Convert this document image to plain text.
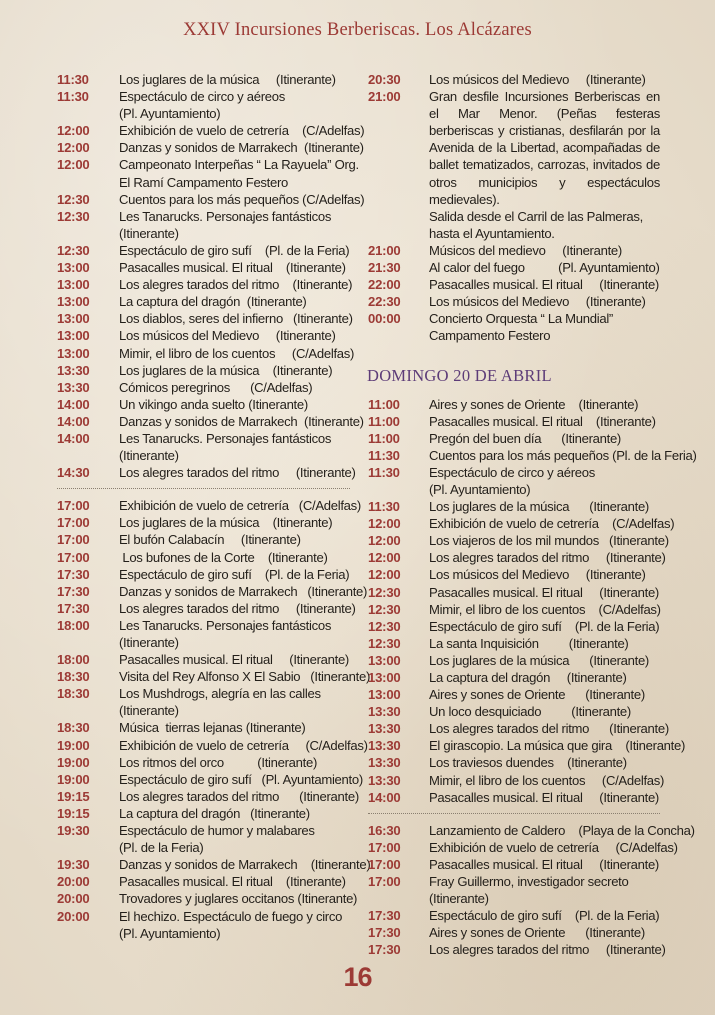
XXIV Incursiones Berberiscas. Los Alcázares
11:30	Los juglares de la música     (Itinerante)
11:30	Espectáculo de circo y aéreos
(Pl. Ayuntamiento)
12:00	Exhibición de vuelo de cetrería    (C/Adelfas)
12:00	Danzas y sonidos de Marrakech  (Itinerante)
12:00	Campeonato Interpeñas “ La Rayuela” Org.
El Ramí Campamento Festero
12:30	Cuentos para los más pequeños (C/Adelfas)
12:30	Les Tanarucks. Personajes fantásticos
(Itinerante)
12:30	Espectáculo de giro sufí    (Pl. de la Feria)
13:00	Pasacalles musical. El ritual    (Itinerante)
13:00	Los alegres tarados del ritmo    (Itinerante)
13:00	La captura del dragón  (Itinerante)
13:00	Los diablos, seres del infierno   (Itinerante)
13:00	Los músicos del Medievo     (Itinerante)
13:00	Mimir, el libro de los cuentos     (C/Adelfas)
13:30	Los juglares de la música    (Itinerante)
13:30	Cómicos peregrinos      (C/Adelfas)
14:00	Un vikingo anda suelto (Itinerante)
14:00	Danzas y sonidos de Marrakech  (Itinerante)
14:00	Les Tanarucks. Personajes fantásticos
(Itinerante)
14:30	Los alegres tarados del ritmo     (Itinerante)
17:00	Exhibición de vuelo de cetrería   (C/Adelfas)
17:00	Los juglares de la música    (Itinerante)
17:00	El bufón Calabacín     (Itinerante)
17:00	Los bufones de la Corte    (Itinerante)
17:30	Espectáculo de giro sufí    (Pl. de la Feria)
17:30	Danzas y sonidos de Marrakech   (Itinerante)
17:30	Los alegres tarados del ritmo     (Itinerante)
18:00	Les Tanarucks. Personajes fantásticos
(Itinerante)
18:00	Pasacalles musical. El ritual     (Itinerante)
18:30	Visita del Rey Alfonso X El Sabio   (Itinerante)
18:30	Los Mushdrogs, alegría en las calles
(Itinerante)
18:30	Música  tierras lejanas (Itinerante)
19:00	Exhibición de vuelo de cetrería     (C/Adelfas)
19:00	Los ritmos del orco          (Itinerante)
19:00	Espectáculo de giro sufí   (Pl. Ayuntamiento)
19:15	Los alegres tarados del ritmo      (Itinerante)
19:15	La captura del dragón   (Itinerante)
19:30	Espectáculo de humor y malabares
(Pl. de la Feria)
19:30	Danzas y sonidos de Marrakech    (Itinerante)
20:00	Pasacalles musical. El ritual    (Itinerante)
20:00	Trovadores y juglares occitanos (Itinerante)
20:00	El hechizo. Espectáculo de fuego y circo
(Pl. Ayuntamiento)
20:30	Los músicos del Medievo     (Itinerante)
21:00	Gran desfile Incursiones Berberiscas en el Mar Menor. (Peñas festeras berberiscas y cristianas, desfilarán por la Avenida de la Libertad, acompañadas de ballet tematizados, carrozas, invitados de otros municipios y espectáculos medievales).
Salida desde el Carril de las Palmeras, hasta el Ayuntamiento.
21:00	Músicos del medievo     (Itinerante)
21:30	Al calor del fuego          (Pl. Ayuntamiento)
22:00	Pasacalles musical. El ritual     (Itinerante)
22:30	Los músicos del Medievo     (Itinerante)
00:00	Concierto Orquesta “ La Mundial”
Campamento Festero
DOMINGO 20 DE ABRIL
11:00	Aires y sones de Oriente    (Itinerante)
11:00	Pasacalles musical. El ritual    (Itinerante)
11:00	Pregón del buen día      (Itinerante)
11:30	Cuentos para los más pequeños (Pl. de la Feria)
11:30	Espectáculo de circo y aéreos
(Pl. Ayuntamiento)
11:30	Los juglares de la música      (Itinerante)
12:00	Exhibición de vuelo de cetrería    (C/Adelfas)
12:00	Los viajeros de los mil mundos   (Itinerante)
12:00	Los alegres tarados del ritmo     (Itinerante)
12:00	Los músicos del Medievo     (Itinerante)
12:30	Pasacalles musical. El ritual     (Itinerante)
12:30	Mimir, el libro de los cuentos    (C/Adelfas)
12:30	Espectáculo de giro sufí    (Pl. de la Feria)
12:30	La santa Inquisición         (Itinerante)
13:00	Los juglares de la música      (Itinerante)
13:00	La captura del dragón     (Itinerante)
13:00	Aires y sones de Oriente      (Itinerante)
13:30	Un loco desquiciado         (Itinerante)
13:30	Los alegres tarados del ritmo      (Itinerante)
13:30	El girascopio. La música que gira    (Itinerante)
13:30	Los traviesos duendes    (Itinerante)
13:30	Mimir, el libro de los cuentos     (C/Adelfas)
14:00	Pasacalles musical. El ritual     (Itinerante)
16:30	Lanzamiento de Caldero    (Playa de la Concha)
17:00	Exhibición de vuelo de cetrería     (C/Adelfas)
17:00	Pasacalles musical. El ritual     (Itinerante)
17:00	Fray Guillermo, investigador secreto
(Itinerante)
17:30	Espectáculo de giro sufí    (Pl. de la Feria)
17:30	Aires y sones de Oriente      (Itinerante)
17:30	Los alegres tarados del ritmo     (Itinerante)
16
